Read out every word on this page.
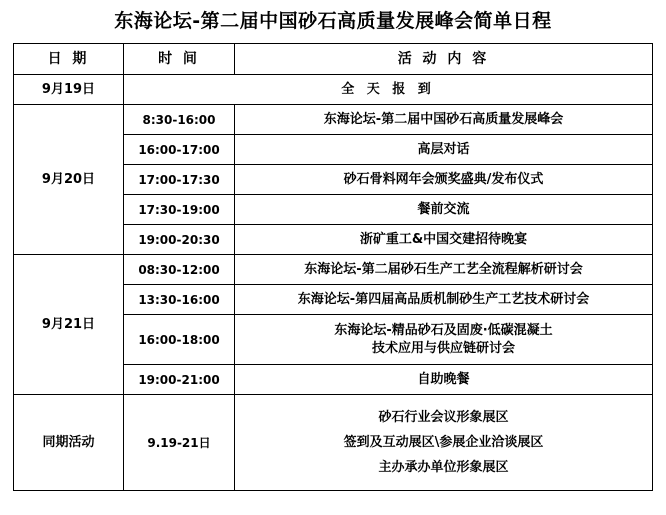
东海论坛-第二届中国砂石高质量发展峰会简单日程
日 期	时 间	活 动 内 容
9月19日	全 天 报 到	
9月20日	8:30-16:00	东海论坛-第二届中国砂石高质量发展峰会
	16:00-17:00	高层对话
	17:00-17:30	砂石骨料网年会颁奖盛典/发布仪式
	17:30-19:00	餐前交流
	19:00-20:30	浙矿重工&中国交建招待晚宴
9月21日	08:30-12:00	东海论坛-第二届砂石生产工艺全流程解析研讨会
	13:30-16:00	东海论坛-第四届高品质机制砂生产工艺技术研讨会
	16:00-18:00	东海论坛-精品砂石及固废·低碳混凝土
技术应用与供应链研讨会

	19:00-21:00	自助晚餐
同期活动	9.19-21日	砂石行业会议形象展区
签到及互动展区\参展企业洽谈展区
主办承办单位形象展区
